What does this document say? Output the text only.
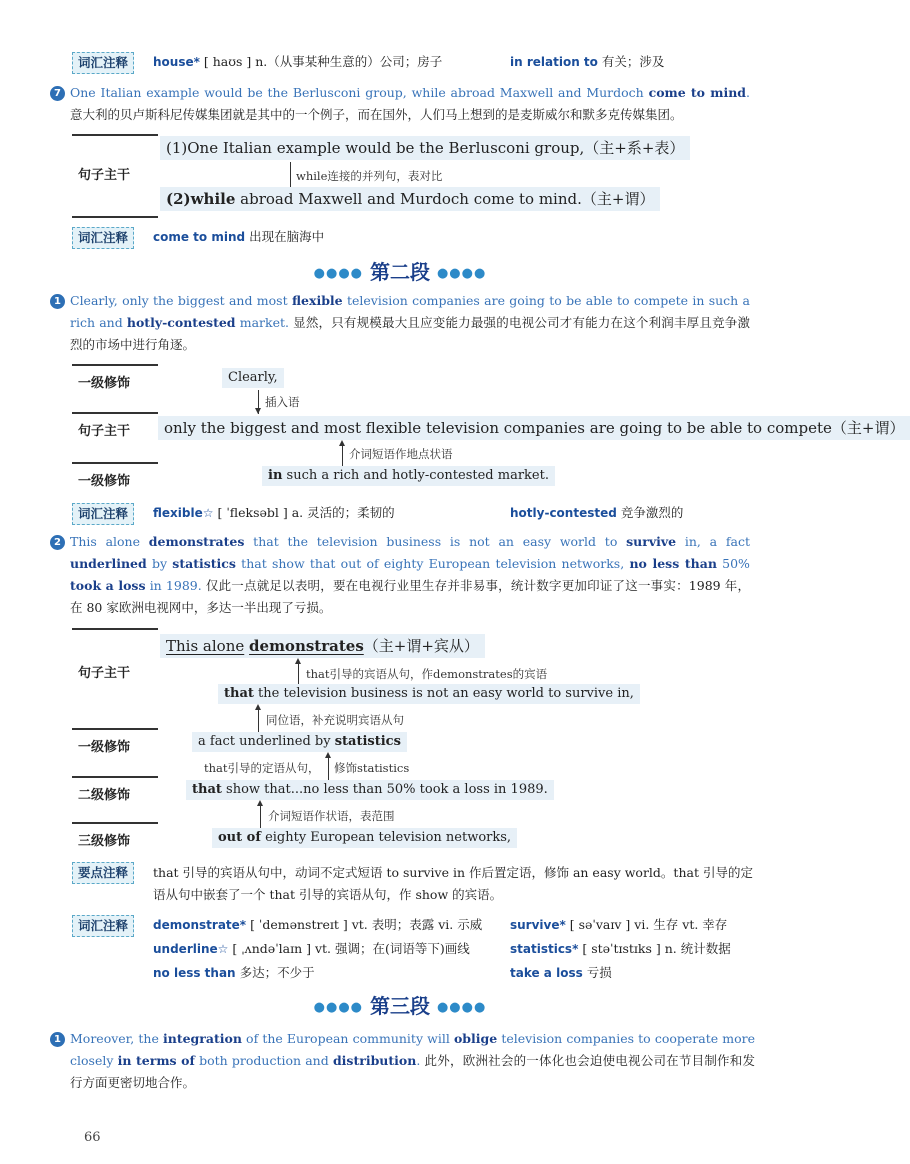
词汇注释	house* [ haʊs ] n.（从事某种生意的）公司；房子	in relation to 有关；涉及
7 One Italian example would be the Berlusconi group, while abroad Maxwell and Murdoch come to mind. 意大利的贝卢斯科尼传媒集团就是其中的一个例子，而在国外，人们马上想到的是麦斯威尔和默多克传媒集团。
句子主干
(1)One Italian example would be the Berlusconi group,（主+系+表）
while连接的并列句，表对比
(2)while abroad Maxwell and Murdoch come to mind.（主+谓）
词汇注释	come to mind 出现在脑海中
●●●● 第二段 ●●●●
1 Clearly, only the biggest and most flexible television companies are going to be able to compete in such a rich and hotly-contested market. 显然，只有规模最大且应变能力最强的电视公司才有能力在这个利润丰厚且竞争激烈的市场中进行角逐。
一级修饰
句子主干
一级修饰
Clearly,
插入语
only the biggest and most flexible television companies are going to be able to compete（主+谓）
介词短语作地点状语
in such a rich and hotly-contested market.
词汇注释	flexible☆ [ ˈfleksəbl ] a. 灵活的；柔韧的	hotly-contested 竞争激烈的
2 This alone demonstrates that the television business is not an easy world to survive in, a fact underlined by statistics that show that out of eighty European television networks, no less than 50% took a loss in 1989. 仅此一点就足以表明，要在电视行业里生存并非易事，统计数字更加印证了这一事实：1989 年，在 80 家欧洲电视网中，多达一半出现了亏损。
句子主干
一级修饰
二级修饰
三级修饰
This alone demonstrates（主+谓+宾从）
that引导的宾语从句，作demonstrates的宾语
that the television business is not an easy world to survive in,
同位语，补充说明宾语从句
a fact underlined by statistics
that引导的定语从句， 修饰statistics
that show that...no less than 50% took a loss in 1989.
介词短语作状语，表范围
out of eighty European television networks,
要点注释	that 引导的宾语从句中，动词不定式短语 to survive in 作后置定语，修饰 an easy world。that 引导的定语从句中嵌套了一个 that 引导的宾语从句，作 show 的宾语。
词汇注释	demonstrate* [ ˈdemənstreɪt ] vt. 表明；表露 vi. 示威 survive* [ səˈvaɪv ] vi. 生存 vt. 幸存
underline☆ [ ˌʌndəˈlaɪn ] vt. 强调；在(词语等下)画线	statistics* [ stəˈtɪstɪks ] n. 统计数据
no less than 多达；不少于	take a loss 亏损
●●●● 第三段 ●●●●
1 Moreover, the integration of the European community will oblige television companies to cooperate more closely in terms of both production and distribution. 此外，欧洲社会的一体化也会迫使电视公司在节目制作和发行方面更密切地合作。
66
